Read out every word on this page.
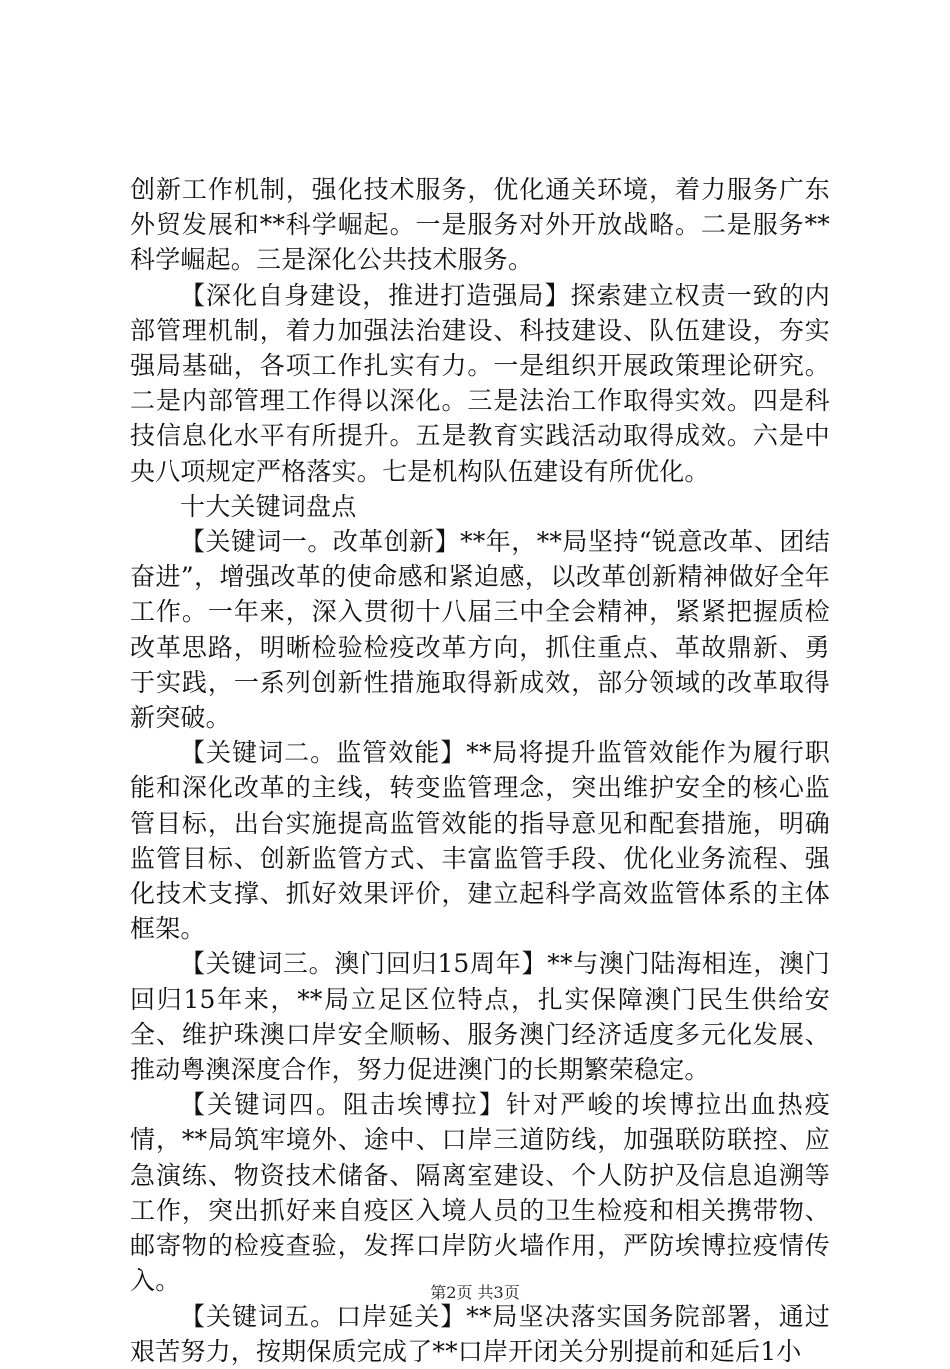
创新工作机制，强化技术服务，优化通关环境，着力服务广东外贸发展和**科学崛起。一是服务对外开放战略。二是服务**科学崛起。三是深化公共技术服务。

【深化自身建设，推进打造强局】探索建立权责一致的内部管理机制，着力加强法治建设、科技建设、队伍建设，夯实强局基础，各项工作扎实有力。一是组织开展政策理论研究。二是内部管理工作得以深化。三是法治工作取得实效。四是科技信息化水平有所提升。五是教育实践活动取得成效。六是中央八项规定严格落实。七是机构队伍建设有所优化。

十大关键词盘点

【关键词一。改革创新】**年，**局坚持“锐意改革、团结奋进”，增强改革的使命感和紧迫感，以改革创新精神做好全年工作。一年来，深入贯彻十八届三中全会精神，紧紧把握质检改革思路，明晰检验检疫改革方向，抓住重点、革故鼎新、勇于实践，一系列创新性措施取得新成效，部分领域的改革取得新突破。

【关键词二。监管效能】**局将提升监管效能作为履行职能和深化改革的主线，转变监管理念，突出维护安全的核心监管目标，出台实施提高监管效能的指导意见和配套措施，明确监管目标、创新监管方式、丰富监管手段、优化业务流程、强化技术支撑、抓好效果评价，建立起科学高效监管体系的主体框架。

【关键词三。澳门回归15周年】**与澳门陆海相连，澳门回归15年来，**局立足区位特点，扎实保障澳门民生供给安全、维护珠澳口岸安全顺畅、服务澳门经济适度多元化发展、推动粤澳深度合作，努力促进澳门的长期繁荣稳定。

【关键词四。阻击埃博拉】针对严峻的埃博拉出血热疫情，**局筑牢境外、途中、口岸三道防线，加强联防联控、应急演练、物资技术储备、隔离室建设、个人防护及信息追溯等工作，突出抓好来自疫区入境人员的卫生检疫和相关携带物、邮寄物的检疫查验，发挥口岸防火墙作用，严防埃博拉疫情传入。

【关键词五。口岸延关】**局坚决落实国务院部署，通过艰苦努力，按期保质完成了**口岸开闭关分别提前和延后1小

第2页 共3页
